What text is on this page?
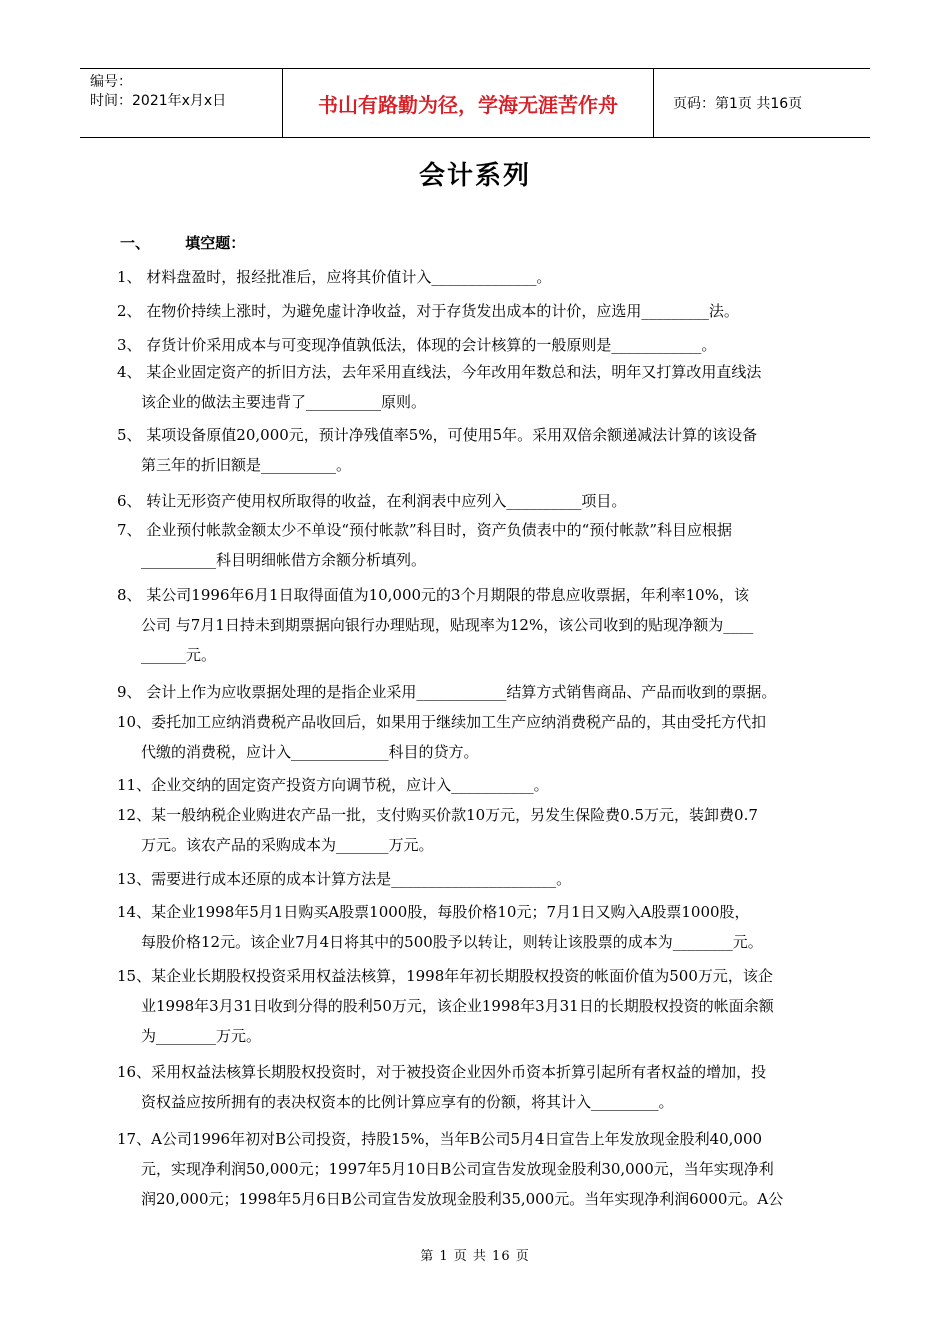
编号：
时间：2021年x月x日	书山有路勤为径，学海无涯苦作舟	页码：第1页 共16页
会计系列
一、 填空题：
1、 材料盘盈时，报经批准后，应将其价值计入______________。
2、 在物价持续上涨时，为避免虚计净收益，对于存货发出成本的计价，应选用_________法。
3、 存货计价采用成本与可变现净值孰低法，体现的会计核算的一般原则是____________。
4、 某企业固定资产的折旧方法，去年采用直线法，今年改用年数总和法，明年又打算改用直线法
该企业的做法主要违背了__________原则。
5、 某项设备原值20,000元，预计净残值率5%，可使用5年。采用双倍余额递减法计算的该设备
第三年的折旧额是__________。
6、 转让无形资产使用权所取得的收益，在利润表中应列入__________项目。
7、 企业预付帐款金额太少不单设“预付帐款”科目时，资产负债表中的“预付帐款”科目应根据
__________科目明细帐借方余额分析填列。
8、 某公司1996年6月1日取得面值为10,000元的3个月期限的带息应收票据，年利率10%，该
公司 与7月1日持未到期票据向银行办理贴现，贴现率为12%，该公司收到的贴现净额为____
______元。
9、 会计上作为应收票据处理的是指企业采用____________结算方式销售商品、产品而收到的票据。
10、委托加工应纳消费税产品收回后，如果用于继续加工生产应纳消费税产品的，其由受托方代扣
代缴的消费税，应计入_____________科目的贷方。
11、企业交纳的固定资产投资方向调节税，应计入___________。
12、某一般纳税企业购进农产品一批，支付购买价款10万元，另发生保险费0.5万元，装卸费0.7
万元。该农产品的采购成本为_______万元。
13、需要进行成本还原的成本计算方法是______________________。
14、某企业1998年5月1日购买A股票1000股，每股价格10元；7月1日又购入A股票1000股，
每股价格12元。该企业7月4日将其中的500股予以转让，则转让该股票的成本为________元。
15、某企业长期股权投资采用权益法核算，1998年年初长期股权投资的帐面价值为500万元，该企
业1998年3月31日收到分得的股利50万元，该企业1998年3月31日的长期股权投资的帐面余额
为________万元。
16、采用权益法核算长期股权投资时，对于被投资企业因外币资本折算引起所有者权益的增加，投
资权益应按所拥有的表决权资本的比例计算应享有的份额，将其计入_________。
17、A公司1996年初对B公司投资，持股15%，当年B公司5月4日宣告上年发放现金股利40,000
元，实现净利润50,000元；1997年5月10日B公司宣告发放现金股利30,000元，当年实现净利
润20,000元；1998年5月6日B公司宣告发放现金股利35,000元。当年实现净利润6000元。A公
第 1 页 共 16 页
